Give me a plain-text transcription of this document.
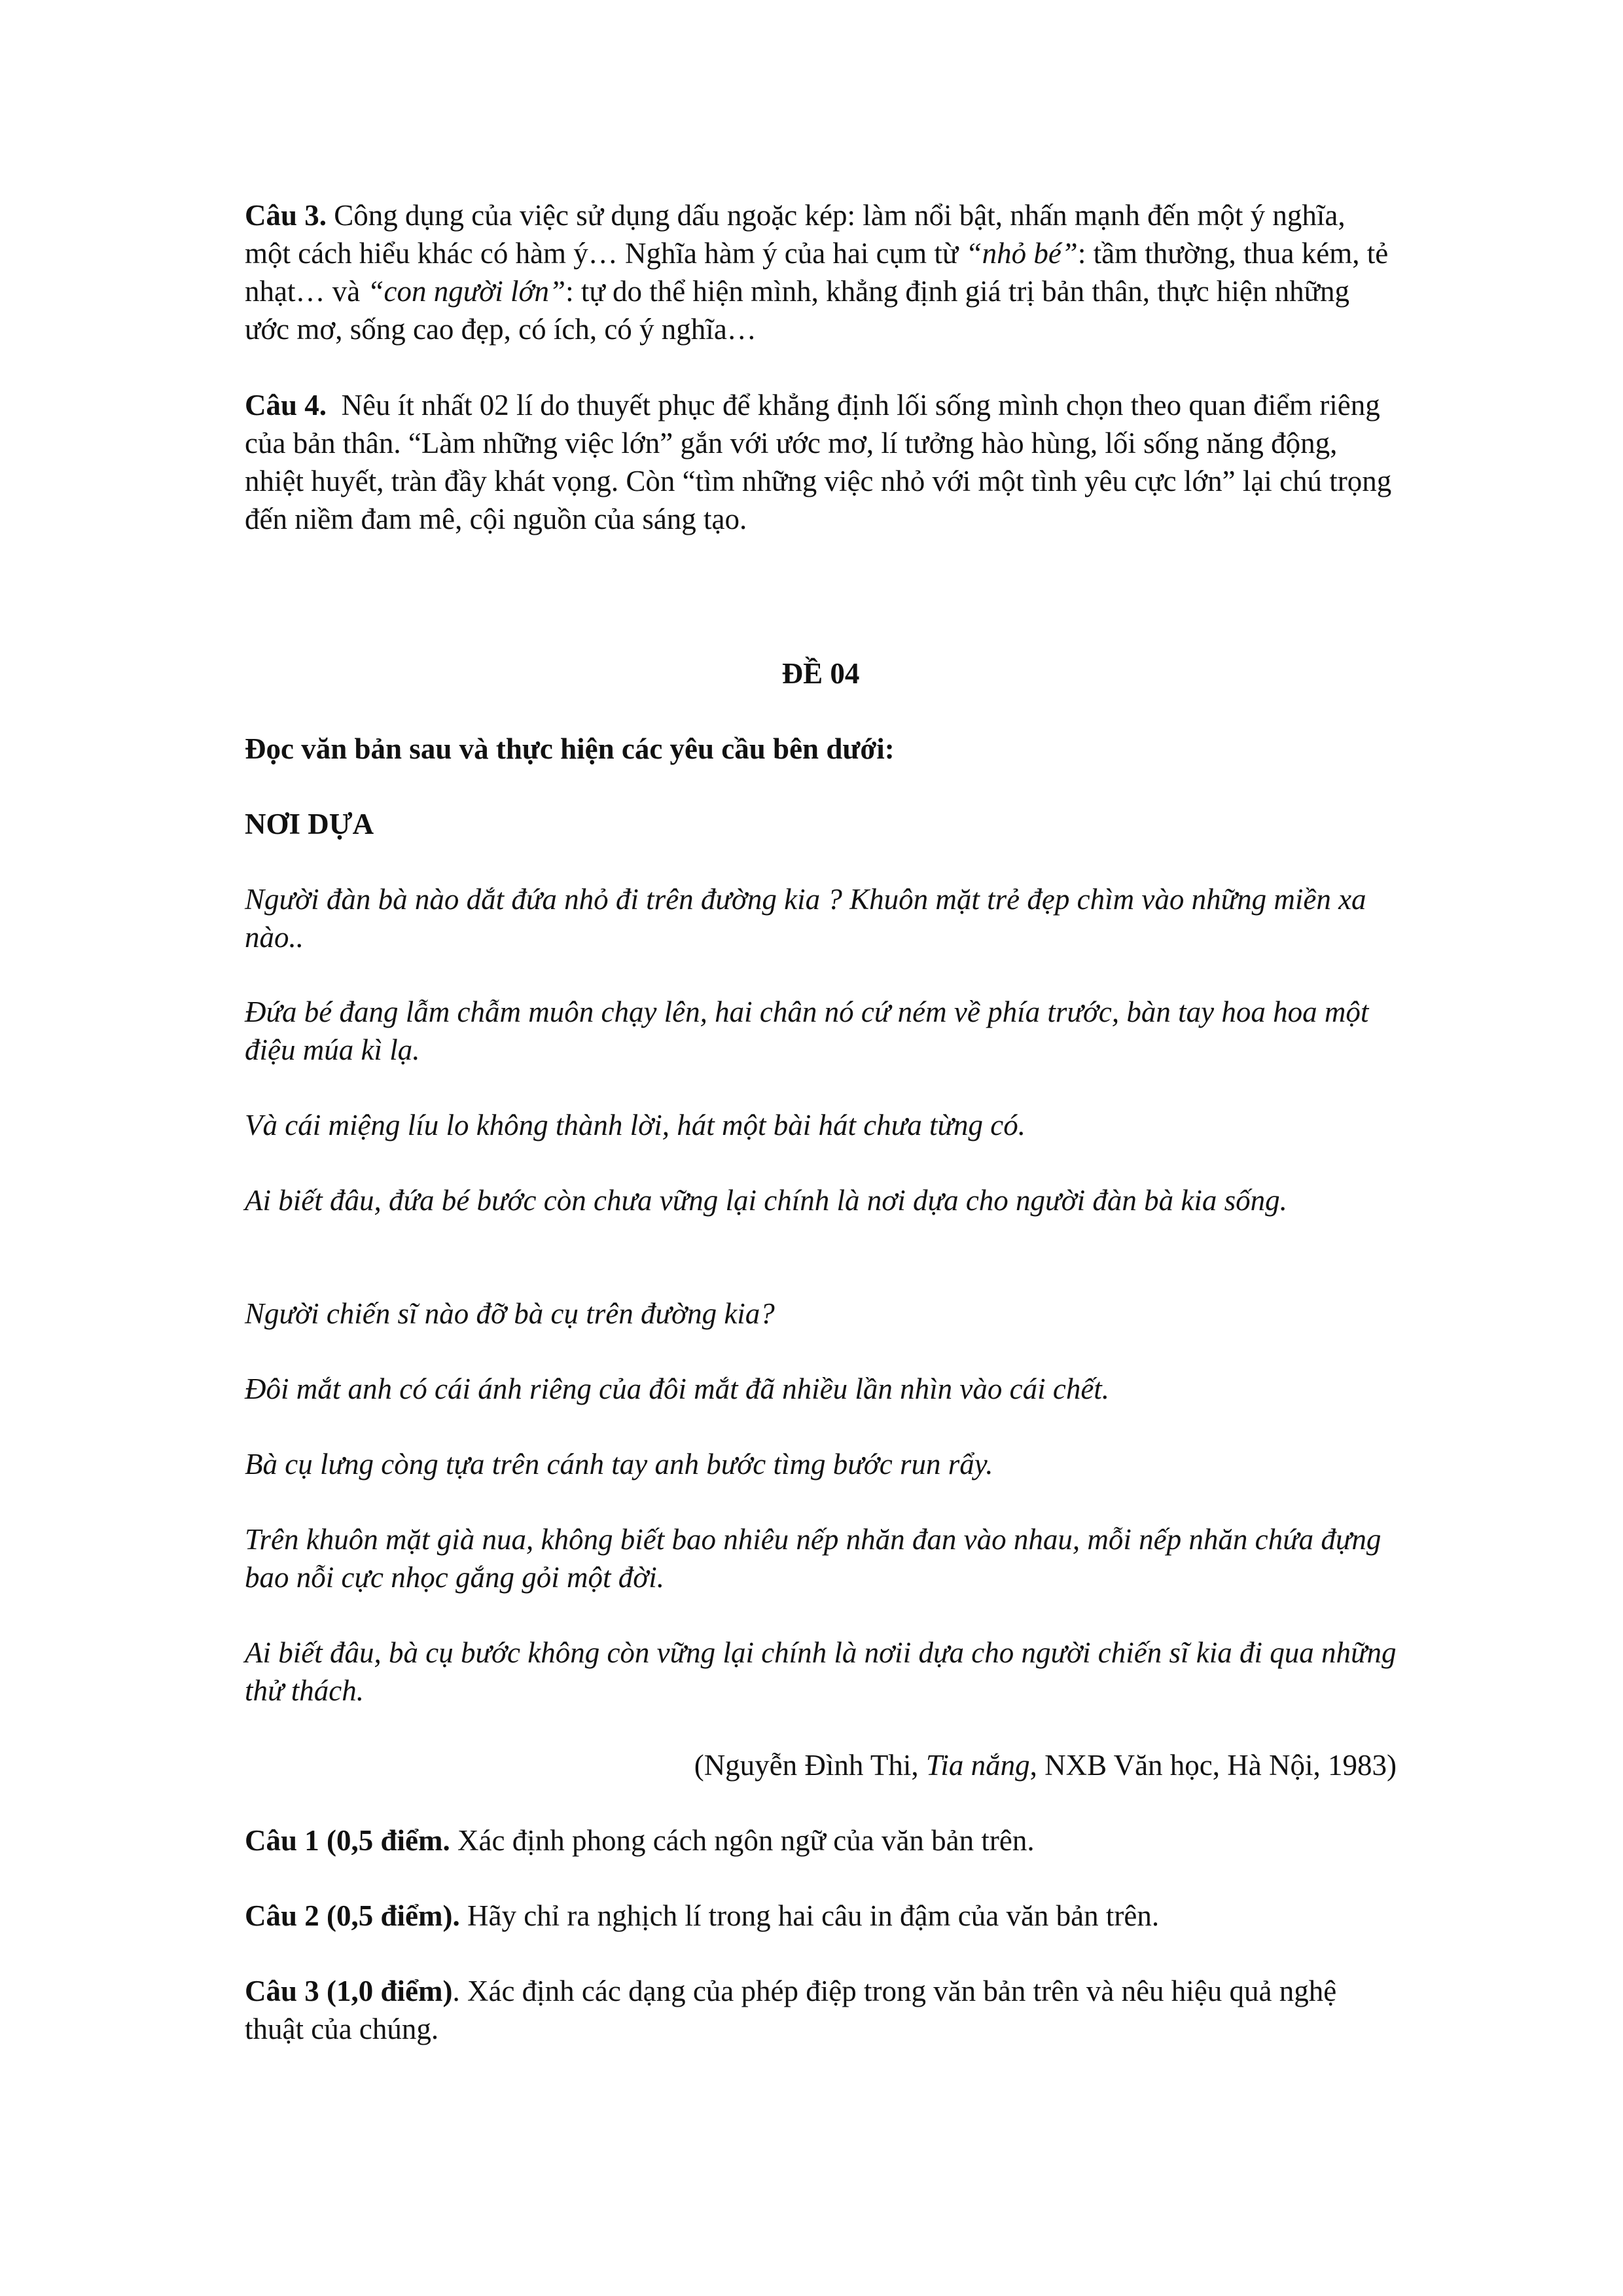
Câu 3. Công dụng của việc sử dụng dấu ngoặc kép: làm nổi bật, nhấn mạnh đến một ý nghĩa, một cách hiểu khác có hàm ý… Nghĩa hàm ý của hai cụm từ “nhỏ bé”: tầm thường, thua kém, tẻ nhạt… và “con người lớn”: tự do thể hiện mình, khẳng định giá trị bản thân, thực hiện những ước mơ, sống cao đẹp, có ích, có ý nghĩa…

Câu 4.  Nêu ít nhất 02 lí do thuyết phục để khẳng định lối sống mình chọn theo quan điểm riêng của bản thân. “Làm những việc lớn” gắn với ước mơ, lí tưởng hào hùng, lối sống năng động, nhiệt huyết, tràn đầy khát vọng. Còn “tìm những việc nhỏ với một tình yêu cực lớn” lại chú trọng đến niềm đam mê, cội nguồn của sáng tạo.

ĐỀ 04
Đọc văn bản sau và thực hiện các yêu cầu bên dưới:
NƠI DỰA
Người đàn bà nào dắt đứa nhỏ đi trên đường kia ? Khuôn mặt trẻ đẹp chìm vào những miền xa nào..
Đứa bé đang lẫm chẫm muôn chạy lên, hai chân nó cứ ném về phía trước, bàn tay hoa hoa một điệu múa kì lạ.
Và cái miệng líu lo không thành lời, hát một bài hát chưa từng có.
Ai biết đâu, đứa bé bước còn chưa vững lại chính là nơi dựa cho người đàn bà kia sống.
Người chiến sĩ nào đỡ bà cụ trên đường kia?
Đôi mắt anh có cái ánh riêng của đôi mắt đã nhiều lần nhìn vào cái chết.
Bà cụ lưng còng tựa trên cánh tay anh bước tìmg bước run rẩy.
Trên khuôn mặt già nua, không biết bao nhiêu nếp nhăn đan vào nhau, mỗi nếp nhăn chứa đựng bao nỗi cực nhọc gắng gỏi một đời.
Ai biết đâu, bà cụ bước không còn vững lại chính là nơii dựa cho người chiến sĩ kia đi qua những thử thách.
(Nguyễn Đình Thi, Tia nắng, NXB Văn học, Hà Nội, 1983)

Câu 1 (0,5 điểm. Xác định phong cách ngôn ngữ của văn bản trên.

Câu 2 (0,5 điểm). Hãy chỉ ra nghịch lí trong hai câu in đậm của văn bản trên.

Câu 3 (1,0 điểm). Xác định các dạng của phép điệp trong văn bản trên và nêu hiệu quả nghệ thuật của chúng.
